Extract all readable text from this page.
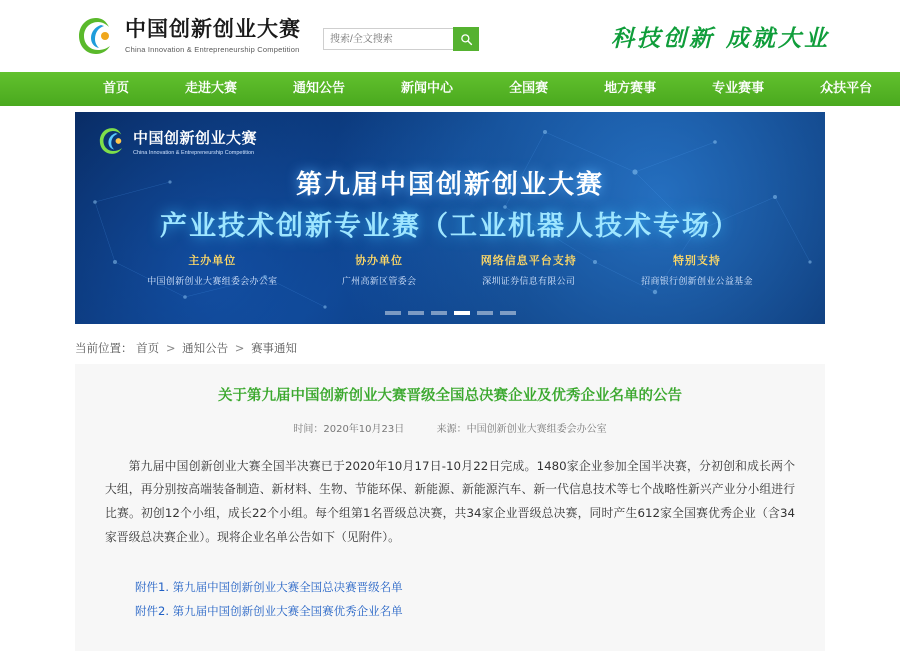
中国创新创业大赛
China Innovation & Entrepreneurship Competition
搜索/全文搜索	科技创新 成就大业
首页	走进大赛	通知公告	新闻中心	全国赛	地方赛事	专业赛事	众扶平台
中国创新创业大赛
China Innovation & Entrepreneurship Competition
第九届中国创新创业大赛
产业技术创新专业赛（工业机器人技术专场）
主办单位
中国创新创业大赛组委会办公室
协办单位
广州高新区管委会
网络信息平台支持
深圳证券信息有限公司
特别支持
招商银行创新创业公益基金
当前位置： 首页 > 通知公告 > 赛事通知
关于第九届中国创新创业大赛晋级全国总决赛企业及优秀企业名单的公告
时间：2020年10月23日	来源：中国创新创业大赛组委会办公室
第九届中国创新创业大赛全国半决赛已于2020年10月17日-10月22日完成。1480家企业参加全国半决赛，分初创和成长两个大组，再分别按高端装备制造、新材料、生物、节能环保、新能源、新能源汽车、新一代信息技术等七个战略性新兴产业分小组进行比赛。初创12个小组，成长22个小组。每个组第1名晋级总决赛，共34家企业晋级总决赛，同时产生612家全国赛优秀企业（含34家晋级总决赛企业）。现将企业名单公告如下（见附件）。
附件1. 第九届中国创新创业大赛全国总决赛晋级名单
附件2. 第九届中国创新创业大赛全国赛优秀企业名单
